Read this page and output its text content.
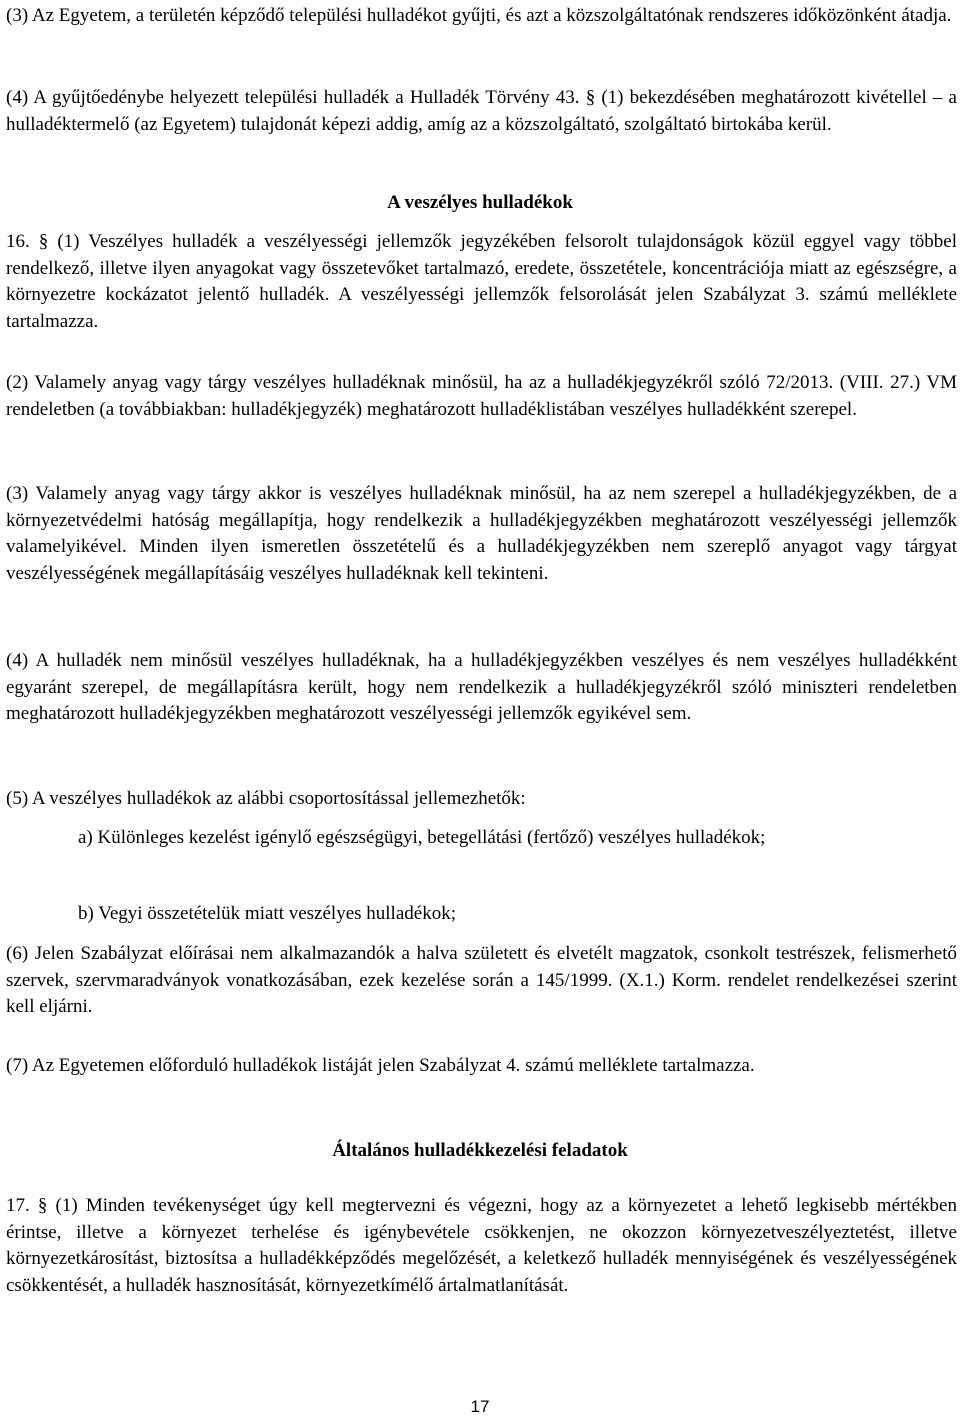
(3) Az Egyetem, a területén képződő települési hulladékot gyűjti, és azt a közszolgáltatónak rendszeres időközönként átadja.

(4) A gyűjtőedénybe helyezett települési hulladék a Hulladék Törvény 43. § (1) bekezdésében meghatározott kivétellel – a hulladéktermelő (az Egyetem) tulajdonát képezi addig, amíg az a közszolgáltató, szolgáltató birtokába kerül.

A veszélyes hulladékok

16. § (1) Veszélyes hulladék a veszélyességi jellemzők jegyzékében felsorolt tulajdonságok közül eggyel vagy többel rendelkező, illetve ilyen anyagokat vagy összetevőket tartalmazó, eredete, összetétele, koncentrációja miatt az egészségre, a környezetre kockázatot jelentő hulladék. A veszélyességi jellemzők felsorolását jelen Szabályzat 3. számú melléklete tartalmazza.

(2) Valamely anyag vagy tárgy veszélyes hulladéknak minősül, ha az a hulladékjegyzékről szóló 72/2013. (VIII. 27.) VM rendeletben (a továbbiakban: hulladékjegyzék) meghatározott hulladéklistában veszélyes hulladékként szerepel.

(3) Valamely anyag vagy tárgy akkor is veszélyes hulladéknak minősül, ha az nem szerepel a hulladékjegyzékben, de a környezetvédelmi hatóság megállapítja, hogy rendelkezik a hulladékjegyzékben meghatározott veszélyességi jellemzők valamelyikével. Minden ilyen ismeretlen összetételű és a hulladékjegyzékben nem szereplő anyagot vagy tárgyat veszélyességének megállapításáig veszélyes hulladéknak kell tekinteni.

(4) A hulladék nem minősül veszélyes hulladéknak, ha a hulladékjegyzékben veszélyes és nem veszélyes hulladékként egyaránt szerepel, de megállapításra került, hogy nem rendelkezik a hulladékjegyzékről szóló miniszteri rendeletben meghatározott hulladékjegyzékben meghatározott veszélyességi jellemzők egyikével sem.

(5) A veszélyes hulladékok az alábbi csoportosítással jellemezhetők:

a) Különleges kezelést igénylő egészségügyi, betegellátási (fertőző) veszélyes hulladékok;

b) Vegyi összetételük miatt veszélyes hulladékok;

(6) Jelen Szabályzat előírásai nem alkalmazandók a halva született és elvetélt magzatok, csonkolt testrészek, felismerhető szervek, szervmaradványok vonatkozásában, ezek kezelése során a 145/1999. (X.1.) Korm. rendelet rendelkezései szerint kell eljárni.

(7) Az Egyetemen előforduló hulladékok listáját jelen Szabályzat 4. számú melléklete tartalmazza.

Általános hulladékkezelési feladatok

17. § (1) Minden tevékenységet úgy kell megtervezni és végezni, hogy az a környezetet a lehető legkisebb mértékben érintse, illetve a környezet terhelése és igénybevétele csökkenjen, ne okozzon környezetveszélyeztetést, illetve környezetkárosítást, biztosítsa a hulladékképződés megelőzését, a keletkező hulladék mennyiségének és veszélyességének csökkentését, a hulladék hasznosítását, környezetkímélő ártalmatlanítását.

17
